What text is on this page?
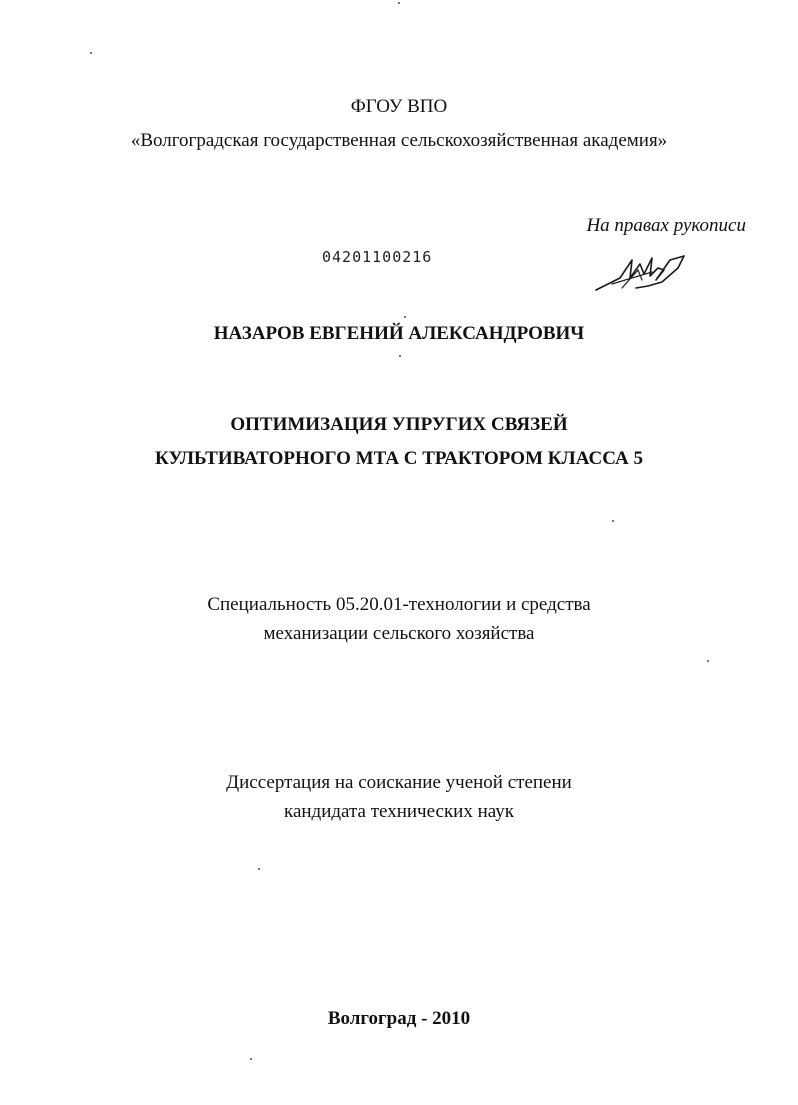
ФГОУ ВПО
«Волгоградская государственная сельскохозяйственная академия»
На правах рукописи
04201100216
НАЗАРОВ ЕВГЕНИЙ АЛЕКСАНДРОВИЧ
ОПТИМИЗАЦИЯ УПРУГИХ СВЯЗЕЙ
КУЛЬТИВАТОРНОГО МТА С ТРАКТОРОМ КЛАССА 5
Специальность 05.20.01-технологии и средства
механизации сельского хозяйства
Диссертация на соискание ученой степени
кандидата технических наук
Волгоград - 2010
